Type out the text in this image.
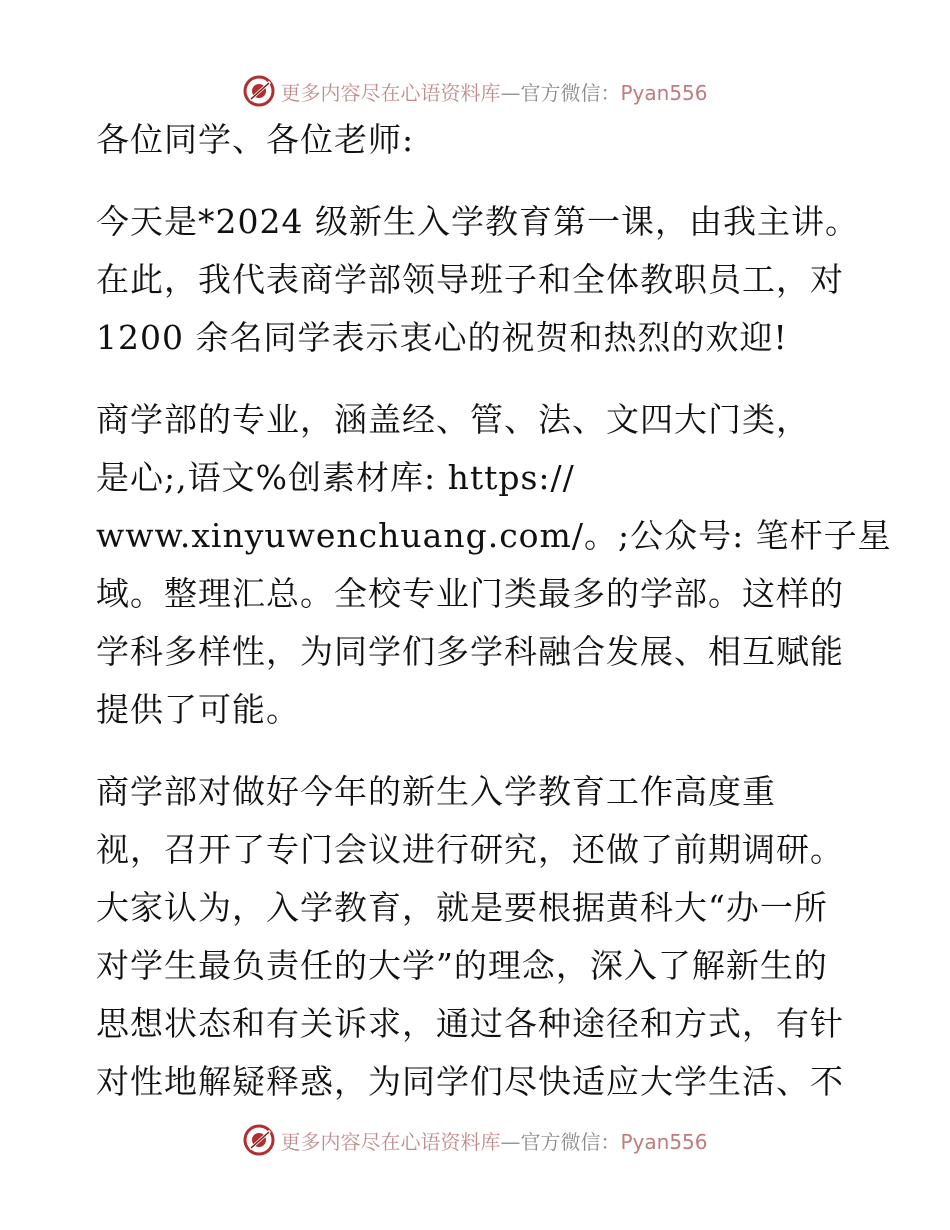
更多内容尽在心语资料库—官方微信：Pyan556
各位同学、各位老师:
今天是*2024 级新生入学教育第一课，由我主讲。
在此，我代表商学部领导班子和全体教职员工，对
1200 余名同学表示衷心的祝贺和热烈的欢迎!
商学部的专业，涵盖经、管、法、文四大门类，
是心;,语文%创素材库: https://
www.xinyuwenchuang.com/。;公众号: 笔杆子星
域。整理汇总。全校专业门类最多的学部。这样的
学科多样性，为同学们多学科融合发展、相互赋能
提供了可能。
商学部对做好今年的新生入学教育工作高度重
视，召开了专门会议进行研究，还做了前期调研。
大家认为，入学教育，就是要根据黄科大“办一所
对学生最负责任的大学”的理念，深入了解新生的
思想状态和有关诉求，通过各种途径和方式，有针
对性地解疑释惑，为同学们尽快适应大学生活、不
更多内容尽在心语资料库—官方微信：Pyan556
